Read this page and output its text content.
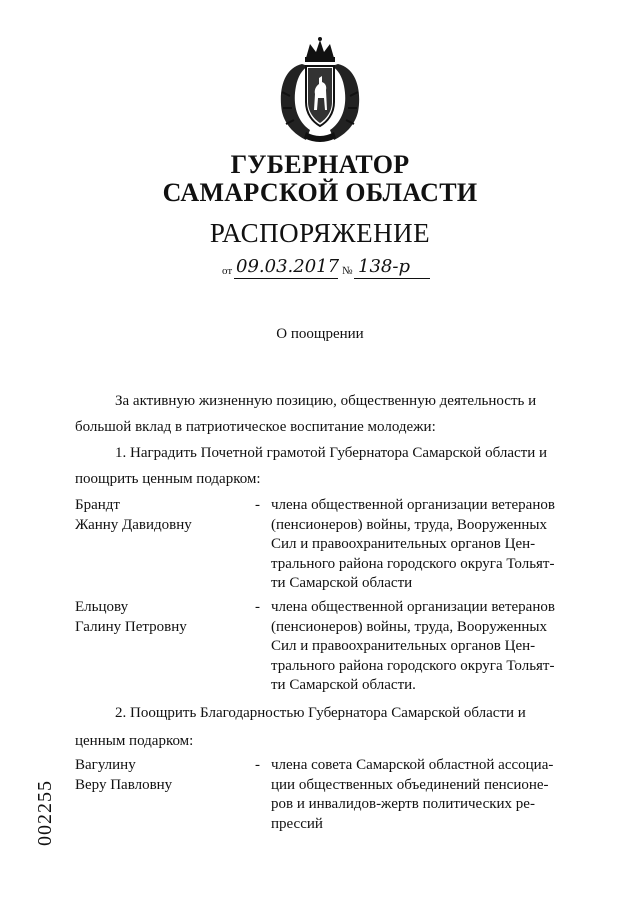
ГУБЕРНАТОР
САМАРСКОЙ ОБЛАСТИ
РАСПОРЯЖЕНИЕ
от 09.03.2017 № 138-р
О поощрении
За активную жизненную позицию, общественную деятельность и
большой вклад в патриотическое воспитание молодежи:
1. Наградить Почетной грамотой Губернатора Самарской области и
поощрить ценным подарком:
Брандт
Жанну Давидовну
- члена общественной организации ветеранов
(пенсионеров) войны, труда, Вооруженных
Сил и правоохранительных органов Цен-
трального района городского округа Тольят-
ти Самарской области
Ельцову
Галину Петровну
- члена общественной организации ветеранов
(пенсионеров) войны, труда, Вооруженных
Сил и правоохранительных органов Цен-
трального района городского округа Тольят-
ти Самарской области.
2. Поощрить Благодарностью Губернатора Самарской области и
ценным подарком:
Вагулину
Веру Павловну
- члена совета Самарской областной ассоциа-
ции общественных объединений пенсионе-
ров и инвалидов-жертв политических ре-
прессий
002255
